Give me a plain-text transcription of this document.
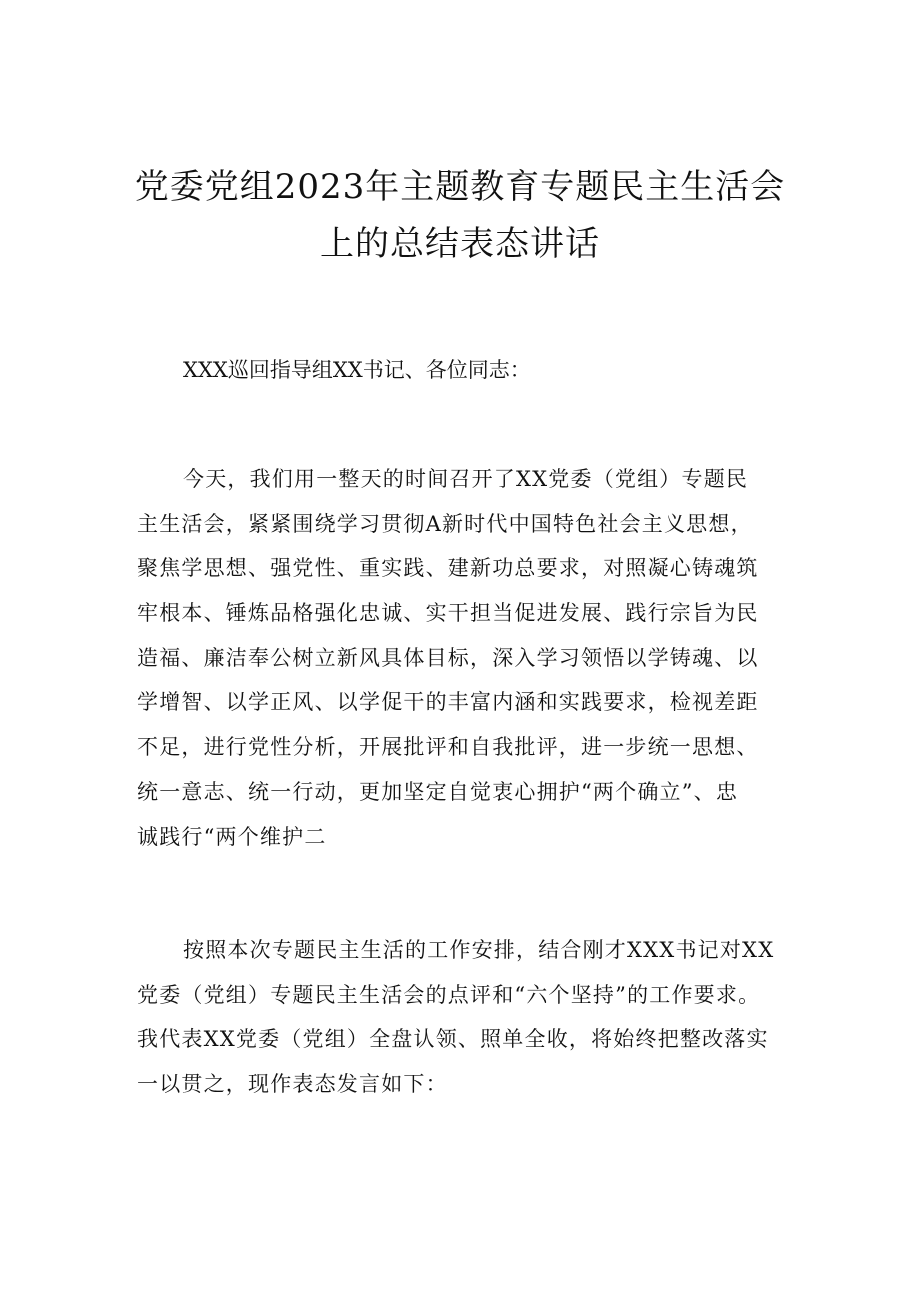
党委党组2023年主题教育专题民主生活会
上的总结表态讲话

XXX巡回指导组XX书记、各位同志：

今天，我们用一整天的时间召开了XX党委（党组）专题民
主生活会，紧紧围绕学习贯彻A新时代中国特色社会主义思想，
聚焦学思想、强党性、重实践、建新功总要求，对照凝心铸魂筑
牢根本、锤炼品格强化忠诚、实干担当促进发展、践行宗旨为民
造福、廉洁奉公树立新风具体目标，深入学习领悟以学铸魂、以
学增智、以学正风、以学促干的丰富内涵和实践要求，检视差距
不足，进行党性分析，开展批评和自我批评，进一步统一思想、
统一意志、统一行动，更加坚定自觉衷心拥护“两个确立”、忠
诚践行“两个维护二
按照本次专题民主生活的工作安排，结合刚才XXX书记对XX
党委（党组）专题民主生活会的点评和“六个坚持”的工作要求。
我代表XX党委（党组）全盘认领、照单全收，将始终把整改落实
一以贯之，现作表态发言如下：
